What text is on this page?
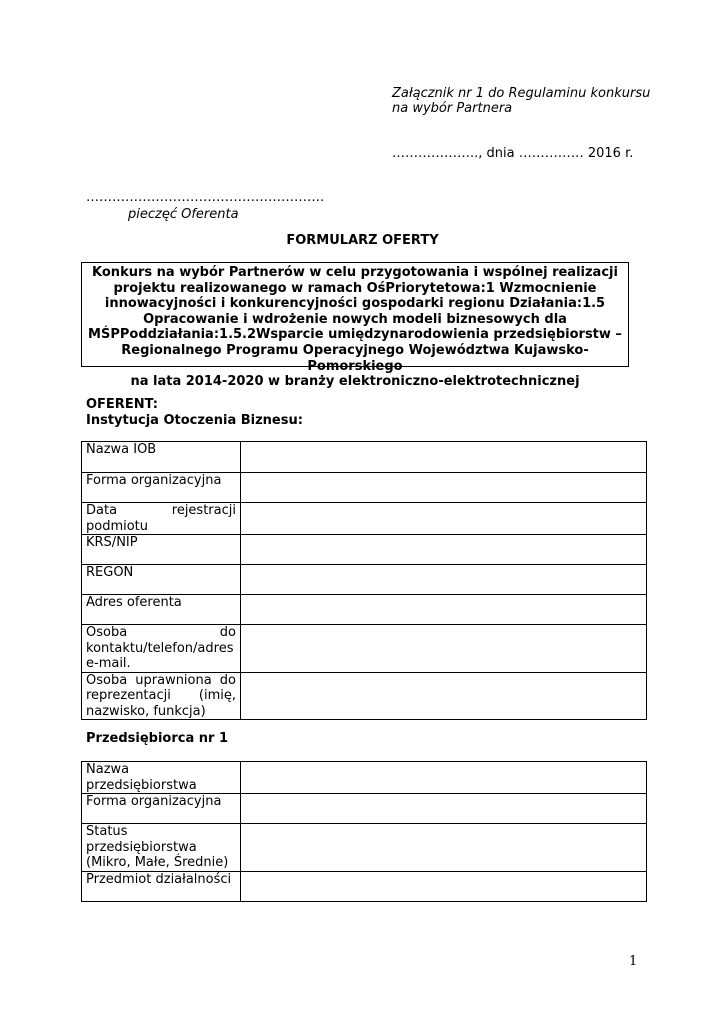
Załącznik nr 1 do Regulaminu konkursu
na wybór Partnera
……………….., dnia …………… 2016 r.
……………………………………………….
pieczęć Oferenta
FORMULARZ OFERTY
Konkurs na wybór Partnerów w celu przygotowania i wspólnej realizacji
projektu realizowanego w ramach OśPriorytetowa:1 Wzmocnienie
innowacyjności i konkurencyjności gospodarki regionu Działania:1.5
Opracowanie i wdrożenie nowych modeli biznesowych dla
MŚPPoddziałania:1.5.2Wsparcie umiędzynarodowienia przedsiębiorstw –
Regionalnego Programu Operacyjnego Województwa Kujawsko-Pomorskiego
na lata 2014-2020 w branży elektroniczno-elektrotechnicznej
OFERENT:
Instytucja Otoczenia Biznesu:
Nazwa IOB	
Forma organizacyjna	

Data rejestracji podmiotu	

KRS/NIP	
REGON	
Adres oferenta	

Osoba do kontaktu/telefon/adres e-mail.	

Osoba uprawniona do reprezentacji (imię, nazwisko, funkcja)	

Przedsiębiorca nr 1
Nazwa przedsiębiorstwa	
Forma organizacyjna	
Status przedsiębiorstwa (Mikro, Małe, Średnie)	
Przedmiot działalności	
1
